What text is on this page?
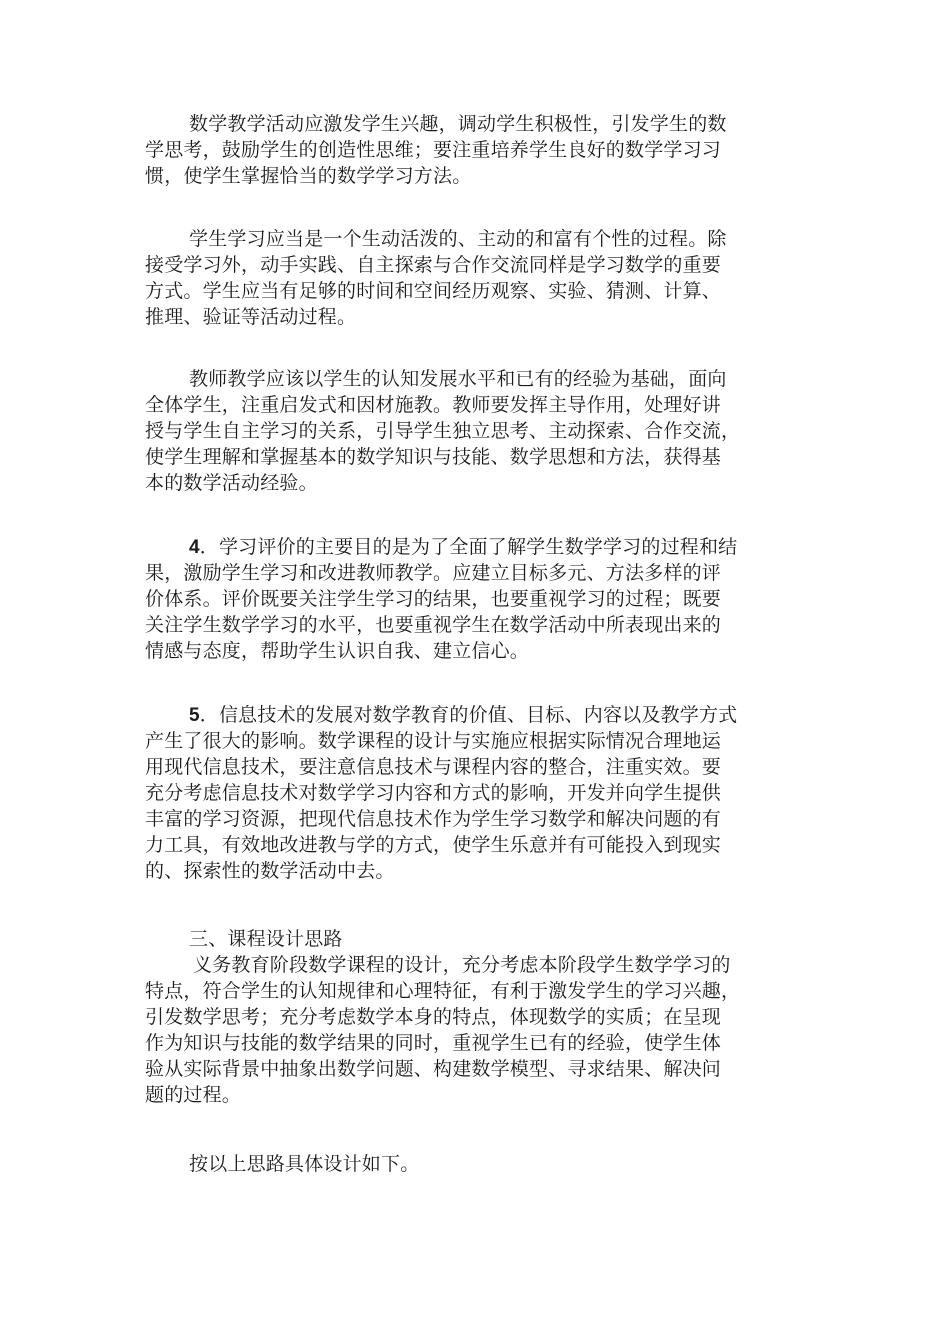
数学教学活动应激发学生兴趣，调动学生积极性，引发学生的数
学思考，鼓励学生的创造性思维；要注重培养学生良好的数学学习习
惯，使学生掌握恰当的数学学习方法。
学生学习应当是一个生动活泼的、主动的和富有个性的过程。除
接受学习外，动手实践、自主探索与合作交流同样是学习数学的重要
方式。学生应当有足够的时间和空间经历观察、实验、猜测、计算、
推理、验证等活动过程。
教师教学应该以学生的认知发展水平和已有的经验为基础，面向
全体学生，注重启发式和因材施教。教师要发挥主导作用，处理好讲
授与学生自主学习的关系，引导学生独立思考、主动探索、合作交流，
使学生理解和掌握基本的数学知识与技能、数学思想和方法，获得基
本的数学活动经验。
4．学习评价的主要目的是为了全面了解学生数学学习的过程和结
果，激励学生学习和改进教师教学。应建立目标多元、方法多样的评
价体系。评价既要关注学生学习的结果，也要重视学习的过程；既要
关注学生数学学习的水平，也要重视学生在数学活动中所表现出来的
情感与态度，帮助学生认识自我、建立信心。
5．信息技术的发展对数学教育的价值、目标、内容以及教学方式
产生了很大的影响。数学课程的设计与实施应根据实际情况合理地运
用现代信息技术，要注意信息技术与课程内容的整合，注重实效。要
充分考虑信息技术对数学学习内容和方式的影响，开发并向学生提供
丰富的学习资源，把现代信息技术作为学生学习数学和解决问题的有
力工具，有效地改进教与学的方式，使学生乐意并有可能投入到现实
的、探索性的数学活动中去。
三、课程设计思路
义务教育阶段数学课程的设计，充分考虑本阶段学生数学学习的
特点，符合学生的认知规律和心理特征，有利于激发学生的学习兴趣，
引发数学思考；充分考虑数学本身的特点，体现数学的实质；在呈现
作为知识与技能的数学结果的同时，重视学生已有的经验，使学生体
验从实际背景中抽象出数学问题、构建数学模型、寻求结果、解决问
题的过程。
按以上思路具体设计如下。
